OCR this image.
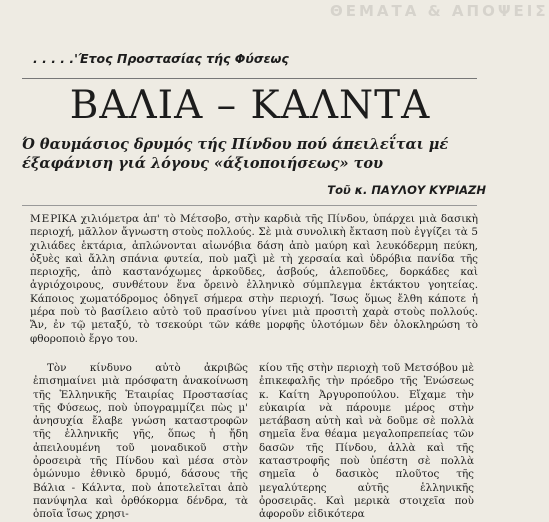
ΘΕΜΑΤΑ & ΑΠΟΨΕΙΣ
. . . . .'Έτος Προστασίας τής Φύσεως
ΒΑΛΙΑ – ΚΑΛΝΤΑ
Ό θαυμάσιος δρυμός τής Πίνδου πού άπειλεΐται μέ έξαφάνιση γιά λόγους «άξιοποιήσεως» του
Τοῦ κ. ΠΑΥΛΟΥ ΚΥΡΙΑΖΗ

ΜΕΡΙΚΑ χιλιόμετρα ἀπ' τὸ Μέτσοβο, στὴν καρδιὰ τῆς Πίνδου, ὑπάρχει μιὰ δασικὴ περιοχή, μᾶλλον ἄγνωστη στοὺς πολλούς. Σὲ μιὰ συνολικὴ ἔκταση ποὺ ἐγγίζει τὰ 5 χιλιάδες ἑκτάρια, ἁπλώνονται αἰωνόβια δάση ἀπὸ μαύρη καὶ λευκόδερμη πεύκη, ὀξυὲς καὶ ἄλλη σπάνια φυτεία, ποὺ μαζὶ μὲ τὴ χερσαία καὶ ὑδρόβια πανίδα τῆς περιοχῆς, ἀπὸ καστανόχωμες ἀρκοῦδες, ἀσβούς, ἀλεποῦδες, δορκάδες καὶ ἀγριόχοιρους, συνθέτουν ἕνα ὄρεινὸ ἑλληνικὸ σύμπλεγμα ἐκτάκτου γοητείας. Κάποιος χωματόδρομος ὁδηγεῖ σήμερα στὴν περιοχή. Ἴσως ὅμως ἔλθη κάποτε ἡ μέρα ποὺ τὸ βασίλειο αὐτὸ τοῦ πρασίνου γίνει μιὰ προσιτὴ χαρὰ στοὺς πολλούς. Ἄν, ἐν τῷ μεταξύ, τὸ τσεκούρι τῶν κάθε μορφῆς ὑλοτόμων δὲν ὁλοκληρώση τὸ φθοροποιὸ ἔργο του.

Τὸν κίνδυνο αὐτὸ ἀκριβῶς ἐπισημαίνει μιὰ πρόσφατη ἀνακοίνωση τῆς Ἑλληνικῆς Ἑταιρίας Προστασίας τῆς Φύσεως, ποὺ ὑπογραμμίζει πὼς μ' ἀνησυχία ἔλαβε γνώση καταστροφῶν τῆς ἑλληνικῆς γῆς, ὅπως ἡ ἤδη ἀπειλουμένη τοῦ μοναδικοῦ στὴν ὀροσειρὰ τῆς Πίνδου καὶ μέσα στὸν ὁμώνυμο ἐθνικὸ δρυμό, δάσους τῆς Βάλια - Κάλντα, ποὺ ἀποτελεῖται ἀπὸ πανύψηλα καὶ ὀρθόκορμα δένδρα, τὰ ὁποῖα ἴσως χρησι-

κίου τῆς στὴν περιοχὴ τοῦ Μετσόβου μὲ ἐπικεφαλῆς τὴν πρόεδρο τῆς Ἑνώσεως κ. Καίτη Ἀργυροπούλου. Εἴχαμε τὴν εὐκαιρία νὰ πάρουμε μέρος στὴν μετάβαση αὐτὴ καὶ νὰ δοῦμε σὲ πολλὰ σημεῖα ἕνα θέαμα μεγαλοπρεπείας τῶν δασῶν τῆς Πίνδου, ἀλλὰ καὶ τῆς καταστροφῆς ποὺ ὑπέστη σὲ πολλὰ σημεῖα ὁ δασικὸς πλοῦτος τῆς μεγαλύτερης αὐτῆς ἑλληνικῆς ὀροσειρᾶς. Καὶ μερικὰ στοιχεῖα ποὺ ἀφοροῦν εἰδικότερα
